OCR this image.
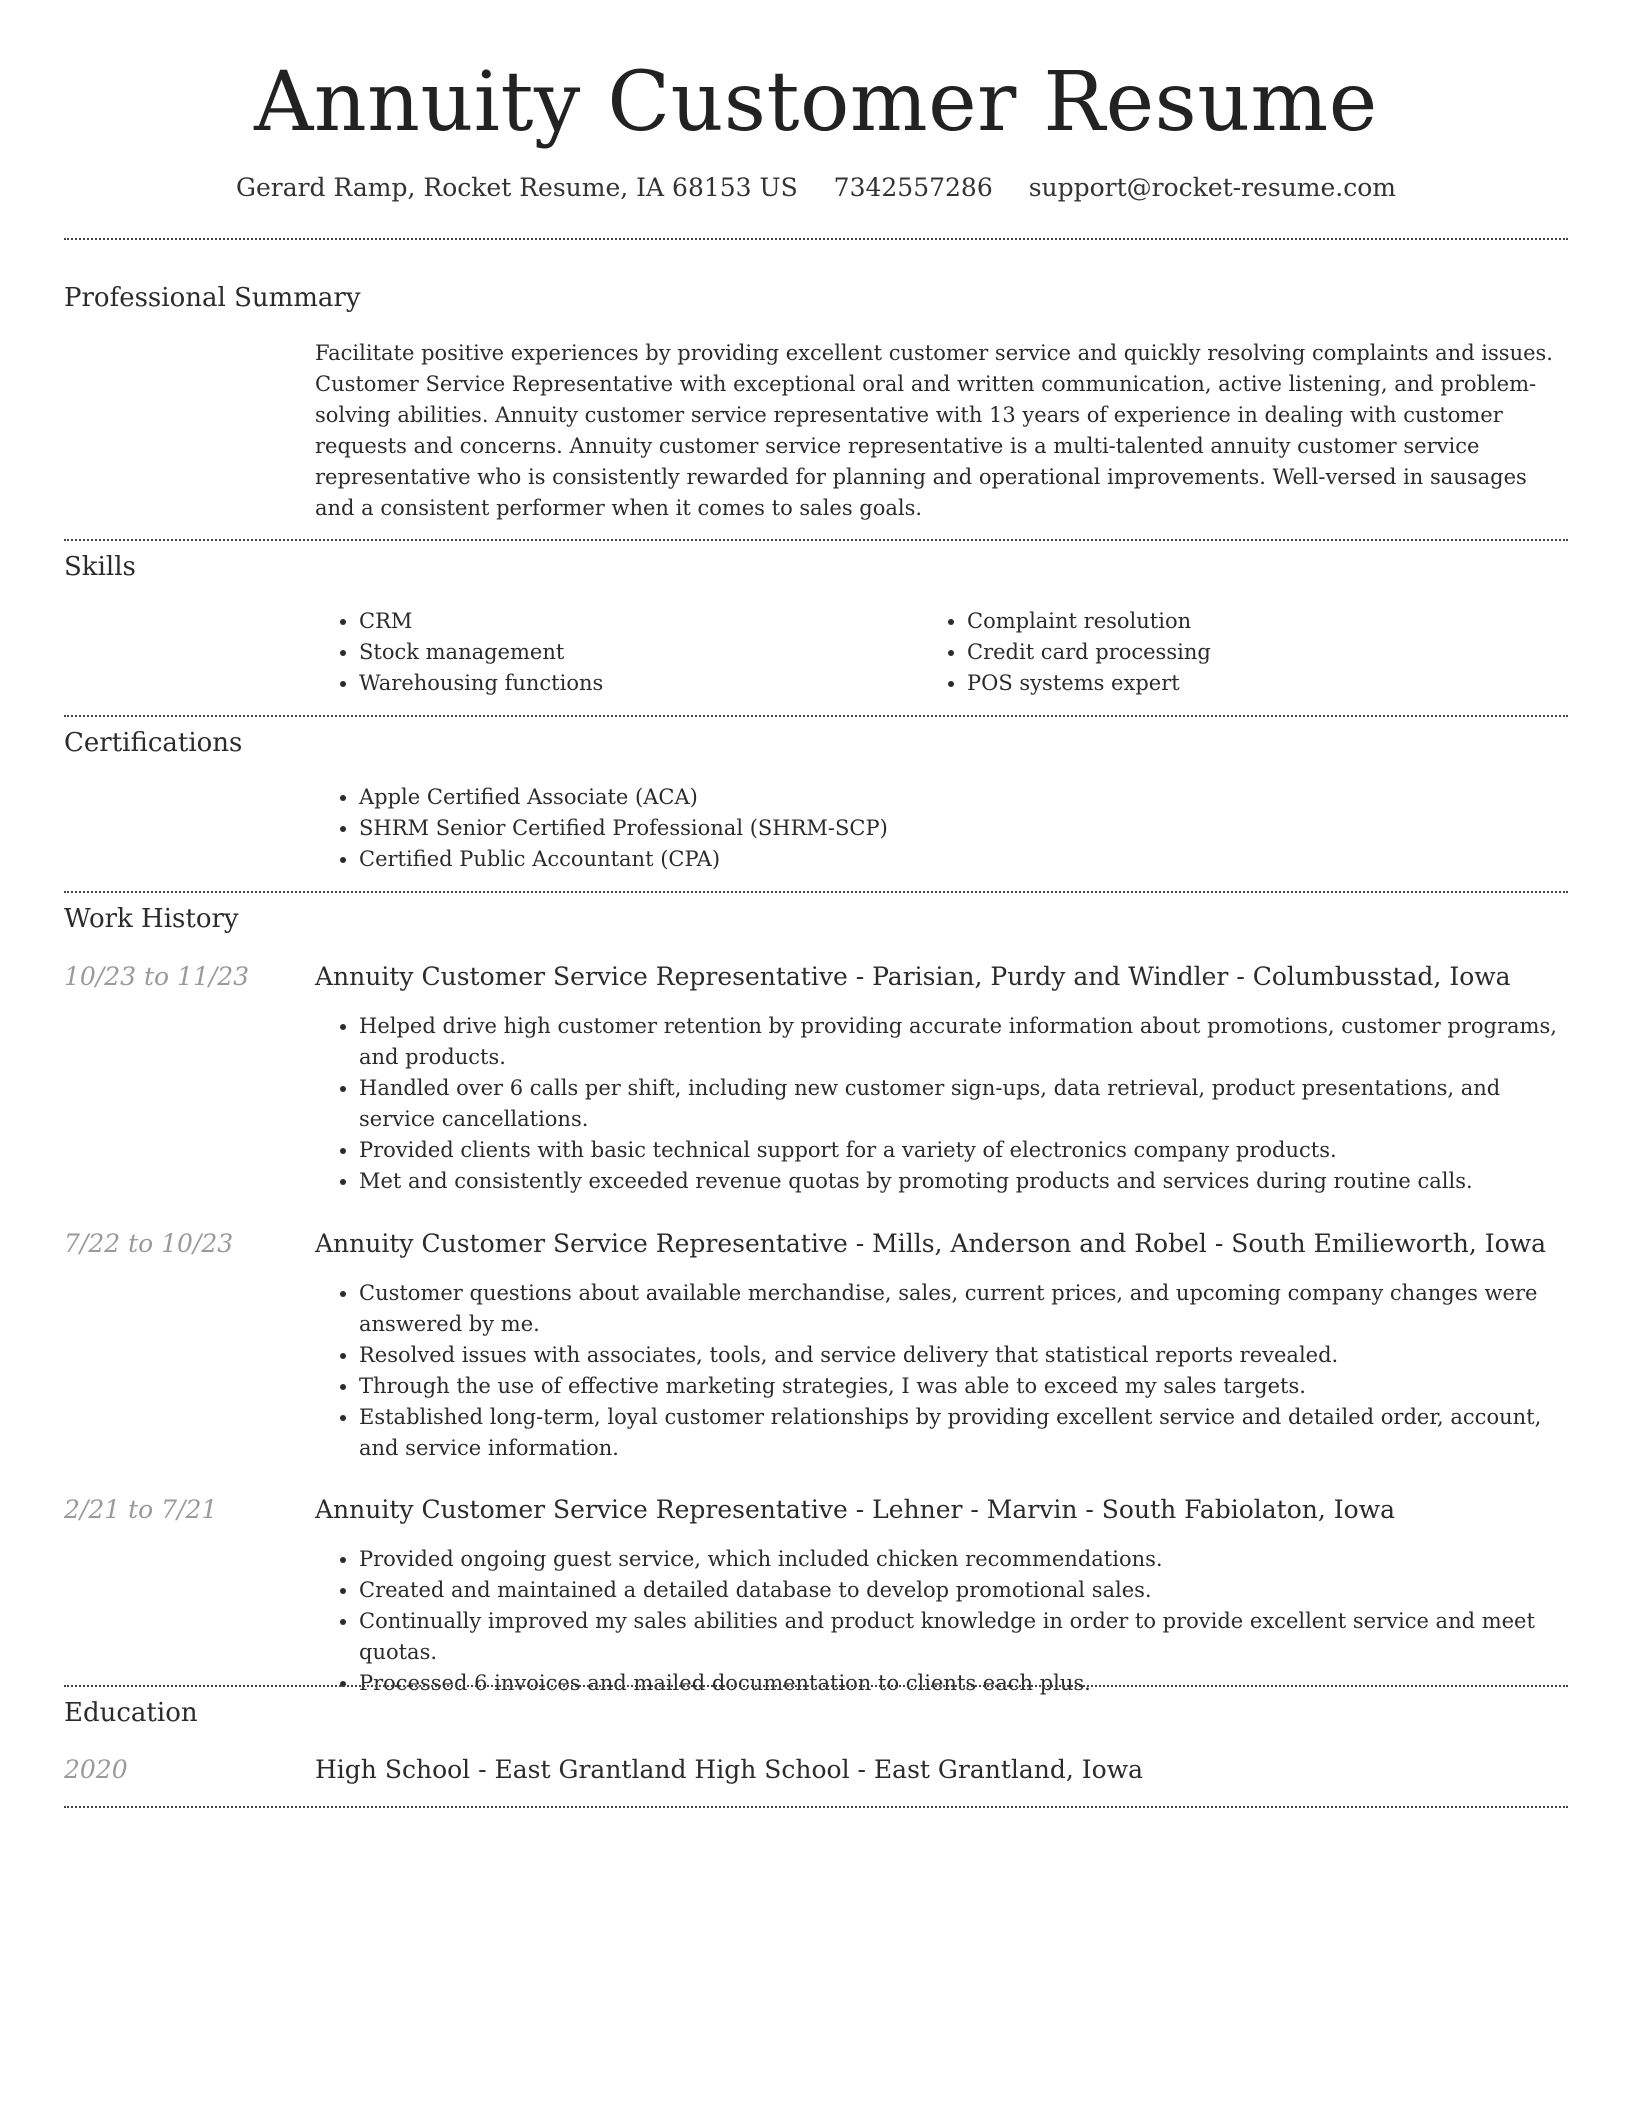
Annuity Customer Resume
Gerard Ramp, Rocket Resume, IA 68153 US 7342557286 support@rocket-resume.com
Professional Summary
Facilitate positive experiences by providing excellent customer service and quickly resolving complaints and issues. Customer Service Representative with exceptional oral and written communication, active listening, and problem-solving abilities. Annuity customer service representative with 13 years of experience in dealing with customer requests and concerns. Annuity customer service representative is a multi-talented annuity customer service representative who is consistently rewarded for planning and operational improvements. Well-versed in sausages and a consistent performer when it comes to sales goals.
Skills
• CRM
• Stock management
• Warehousing functions
• Complaint resolution
• Credit card processing
• POS systems expert
Certifications
• Apple Certified Associate (ACA)
• SHRM Senior Certified Professional (SHRM-SCP)
• Certified Public Accountant (CPA)
Work History
10/23 to 11/23	Annuity Customer Service Representative - Parisian, Purdy and Windler - Columbusstad, Iowa
• Helped drive high customer retention by providing accurate information about promotions, customer programs, and products.
• Handled over 6 calls per shift, including new customer sign-ups, data retrieval, product presentations, and service cancellations.
• Provided clients with basic technical support for a variety of electronics company products.
• Met and consistently exceeded revenue quotas by promoting products and services during routine calls.
7/22 to 10/23	Annuity Customer Service Representative - Mills, Anderson and Robel - South Emilieworth, Iowa
• Customer questions about available merchandise, sales, current prices, and upcoming company changes were answered by me.
• Resolved issues with associates, tools, and service delivery that statistical reports revealed.
• Through the use of effective marketing strategies, I was able to exceed my sales targets.
• Established long-term, loyal customer relationships by providing excellent service and detailed order, account, and service information.
2/21 to 7/21	Annuity Customer Service Representative - Lehner - Marvin - South Fabiolaton, Iowa
• Provided ongoing guest service, which included chicken recommendations.
• Created and maintained a detailed database to develop promotional sales.
• Continually improved my sales abilities and product knowledge in order to provide excellent service and meet quotas.
• Processed 6 invoices and mailed documentation to clients each plus.
Education
2020	High School - East Grantland High School - East Grantland, Iowa
